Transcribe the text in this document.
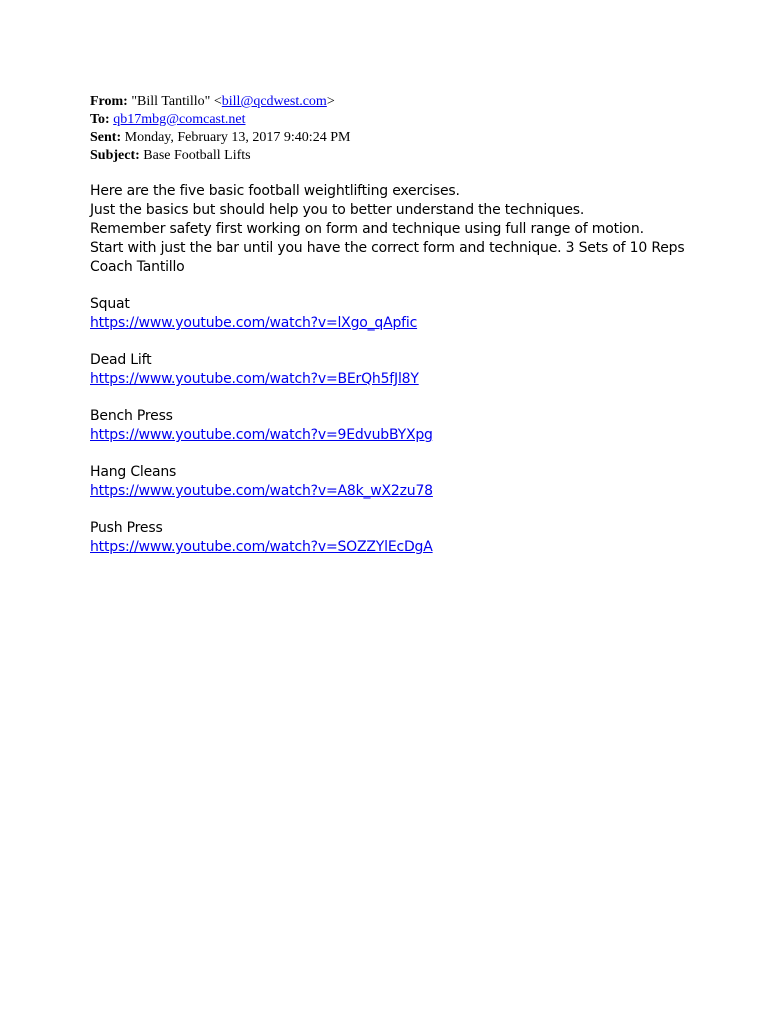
From: "Bill Tantillo" <bill@qcdwest.com>
To: qb17mbg@comcast.net
Sent: Monday, February 13, 2017 9:40:24 PM
Subject: Base Football Lifts
Here are the five basic football weightlifting exercises.
Just the basics but should help you to better understand the techniques.
Remember safety first working on form and technique using full range of motion.
Start with just the bar until you have the correct form and technique. 3 Sets of 10 Reps
Coach Tantillo
Squat
https://www.youtube.com/watch?v=lXgo_qApfic
Dead Lift
https://www.youtube.com/watch?v=BErQh5fJl8Y
Bench Press
https://www.youtube.com/watch?v=9EdvubBYXpg
Hang Cleans
https://www.youtube.com/watch?v=A8k_wX2zu78
Push Press
https://www.youtube.com/watch?v=SOZZYlEcDgA
